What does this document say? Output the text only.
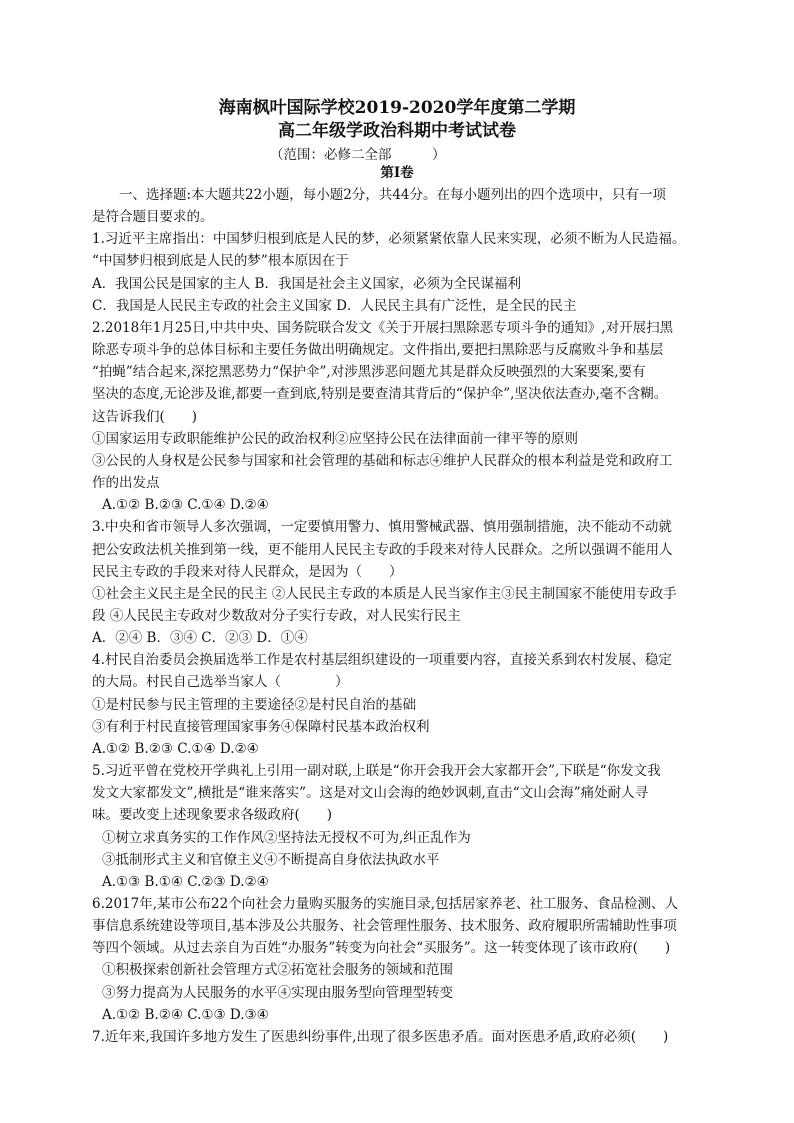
海南枫叶国际学校2019-2020学年度第二学期
高二年级学政治科期中考试试卷
（范围：必修二全部　　　）
第Ⅰ卷

一、选择题:本大题共22小题，每小题2分，共44分。在每小题列出的四个选项中，只有一项

是符合题目要求的。

1.习近平主席指出：中国梦归根到底是人民的梦，必须紧紧依靠人民来实现，必须不断为人民造福。

“中国梦归根到底是人民的梦”根本原因在于

A．我国公民是国家的主人 B．我国是社会主义国家，必须为全民谋福利

C．我国是人民民主专政的社会主义国家 D．人民民主具有广泛性，是全民的民主

2.2018年1月25日,中共中央、国务院联合发文《关于开展扫黑除恶专项斗争的通知》,对开展扫黑

除恶专项斗争的总体目标和主要任务做出明确规定。文件指出,要把扫黑除恶与反腐败斗争和基层

“拍蝇”结合起来,深挖黑恶势力“保护伞”,对涉黑涉恶问题尤其是群众反映强烈的大案要案,要有

坚决的态度,无论涉及谁,都要一查到底,特别是要查清其背后的“保护伞”,坚决依法查办,毫不含糊。

这告诉我们(　　)

①国家运用专政职能维护公民的政治权利②应坚持公民在法律面前一律平等的原则

③公民的人身权是公民参与国家和社会管理的基础和标志④维护人民群众的根本利益是党和政府工

作的出发点

A.①② B.②③ C.①④ D.②④

3.中央和省市领导人多次强调，一定要慎用警力、慎用警械武器、慎用强制措施，决不能动不动就

把公安政法机关推到第一线，更不能用人民民主专政的手段来对待人民群众。之所以强调不能用人

民民主专政的手段来对待人民群众，是因为（　　）

①社会主义民主是全民的民主 ②人民民主专政的本质是人民当家作主③民主制国家不能使用专政手

段 ④人民民主专政对少数敌对分子实行专政，对人民实行民主

A．②④ B．③④ C．②③ D．①④

4.村民自治委员会换届选举工作是农村基层组织建设的一项重要内容，直接关系到农村发展、稳定

的大局。村民自己选举当家人（　　　　）

①是村民参与民主管理的主要途径②是村民自治的基础

③有利于村民直接管理国家事务④保障村民基本政治权利

A.①② B.②③ C.①④ D.②④

5.习近平曾在党校开学典礼上引用一副对联,上联是“你开会我开会大家都开会”,下联是“你发文我

发文大家都发文”,横批是“谁来落实”。这是对文山会海的绝妙讽刺,直击“文山会海”痛处耐人寻

味。要改变上述现象要求各级政府(　　)

①树立求真务实的工作作风②坚持法无授权不可为,纠正乱作为

③抵制形式主义和官僚主义④不断提高自身依法执政水平

A.①③ B.①④ C.②③ D.②④

6.2017年,某市公布22个向社会力量购买服务的实施目录,包括居家养老、社工服务、食品检测、人

事信息系统建设等项目,基本涉及公共服务、社会管理性服务、技术服务、政府履职所需辅助性事项

等四个领域。从过去亲自为百姓“办服务”转变为向社会“买服务”。这一转变体现了该市政府(　　)

①积极探索创新社会管理方式②拓宽社会服务的领域和范围

③努力提高为人民服务的水平④实现由服务型向管理型转变

A.①② B.②④ C.①③ D.③④

7.近年来,我国许多地方发生了医患纠纷事件,出现了很多医患矛盾。面对医患矛盾,政府必须(　　)
